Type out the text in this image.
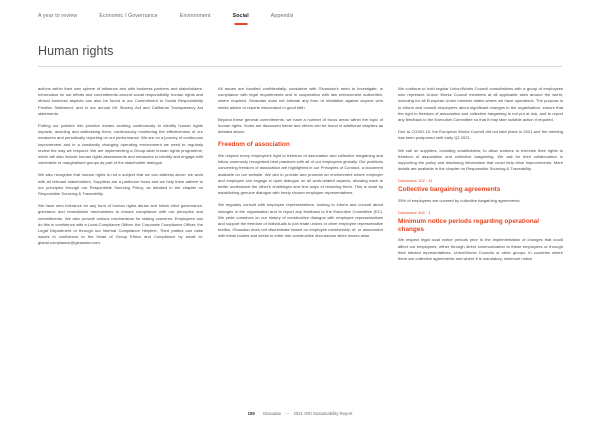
A year to review	Economic / Governance	Environment	Social	Appendix
Human rights

actions within their own sphere of influence and with business partners and stakeholders. Information on our efforts and commitments around social responsibility, human rights and ethical business aspects can also be found in our Commitment to Social Responsibility Position Statement, and in our annual UK Slavery Act and California Transparency Act statements.

Putting our policies into practice means working continuously to identify human rights impacts, avoiding and addressing them, continuously monitoring the effectiveness of our measures and periodically reporting on our performance. We are on a journey of continuous improvement and in a constantly changing operating environment we need to regularly review the way we respond. We are implementing a Group-wide human rights programme, which will also include human rights assessments and measures to identify and engage with vulnerable or marginalised groups as part of the stakeholder dialogue.

We also recognise that human rights is not a subject that we can address alone: we work with all relevant stakeholders. Suppliers are a particular focus and we help them adhere to our principles through our Responsible Sourcing Policy, as detailed in the chapter on Responsible Sourcing & Traceability.

We have zero tolerance for any form of human rights abuse and follow strict governance, grievance and remediation mechanisms to ensure compliance with our principles and commitments. We also provide various mechanisms for raising concerns. Employees can do this in confidence with a Local Compliance Officer, the Corporate Compliance Officer, the Legal Department or through our internal Compliance Helpline. Third parties can raise issues in confidence to the Head of Group Ethics and Compliance by email to: global.compliance@givaudan.com.

All issues are handled confidentially, consistent with Givaudan's need to investigate, in compliance with legal requirements and in cooperation with law enforcement authorities, where required. Givaudan does not tolerate any form of retaliation against anyone who seeks advice or reports misconduct in good faith.

Beyond these general commitments, we have a number of focus areas within the topic of human rights. Some are discussed below and others can be found in additional chapters as detailed above.

Freedom of association

We respect every employee's right to freedom of association and collective bargaining and follow commonly recognised best practices with all of our employees globally. Our positions concerning freedom of association are highlighted in our Principles of Conduct, a document available on our website. We aim to provide and promote an environment where employer and employee can engage in open dialogue on all work-related aspects, allowing each to better understand the other's challenges and find ways of resolving them. This is done by establishing genuine dialogue with freely chosen employee representatives.

We regularly consult with employee representatives, looking to inform and consult about changes in the organisation and to report any feedback to the Executive Committee (EC). We pride ourselves on our history of constructive dialogue with employee representatives and support the freedom of individuals to join trade unions or other employee representative bodies. Givaudan does not discriminate based on employee membership of, or association with these bodies and seeks to enter into constructive discussions when issues arise.

We continue to hold regular Union/Works Council consultations with a group of employees who represent Union/ Works Council members at all applicable sites around the world, including for all European Union member states where we have operations. The purpose is to inform and consult employees about significant changes in the organisation, ensure that the right to freedom of association and collective bargaining is not put at risk, and to report any feedback to the Executive Committee so that it may take suitable action if required.

Due to COVID-19, the European Works Council did not take place in 2021 and the meeting has been postponed until early Q2 2021.

We call on suppliers, including smallholders, to allow workers to exercise their rights to freedom of association and collective bargaining. We ask for their collaboration in supporting the policy and disclosing information that could help drive improvements. More details are available in the chapter on Responsible Sourcing & Traceability.

Disclosure 102 - 41
Collective bargaining agreements

29% of employees are covered by collective bargaining agreements.

Disclosure 402 - 1
Minimum notice periods regarding operational changes

We respect legal local notice periods prior to the implementation of changes that could affect our employees, either through direct communication to these employees or through their elected representatives, Union/Works Councils or other groups. In countries where there are collective agreements and where it is mandatory, minimum notice

105 Givaudan — 2021 GRI Sustainability Report
